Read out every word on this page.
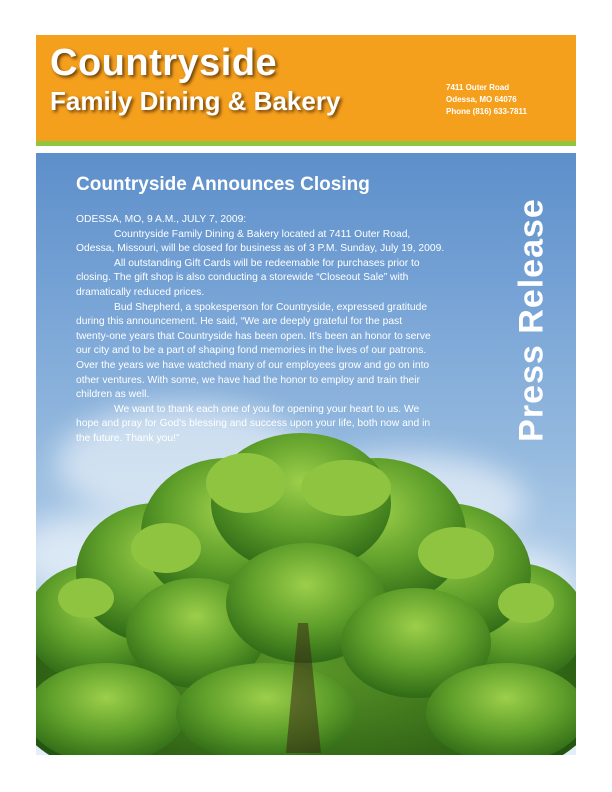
Countryside
Family Dining & Bakery	7411 Outer Road
Odessa, MO 64076
Phone (816) 633-7811
Countryside Announces Closing
ODESSA, MO, 9 A.M., JULY 7, 2009:
Countryside Family Dining & Bakery located at 7411 Outer Road,
Odessa, Missouri, will be closed for business as of 3 P.M. Sunday, July 19, 2009.
All outstanding Gift Cards will be redeemable for purchases prior to
closing. The gift shop is also conducting a storewide “Closeout Sale” with
dramatically reduced prices.
Bud Shepherd, a spokesperson for Countryside, expressed gratitude
during this announcement. He said, “We are deeply grateful for the past
twenty-one years that Countryside has been open. It’s been an honor to serve
our city and to be a part of shaping fond memories in the lives of our patrons.
Over the years we have watched many of our employees grow and go on into
other ventures. With some, we have had the honor to employ and train their
children as well.
We want to thank each one of you for opening your heart to us. We
hope and pray for God’s blessing and success upon your life, both now and in
the future. Thank you!”	Press Release
